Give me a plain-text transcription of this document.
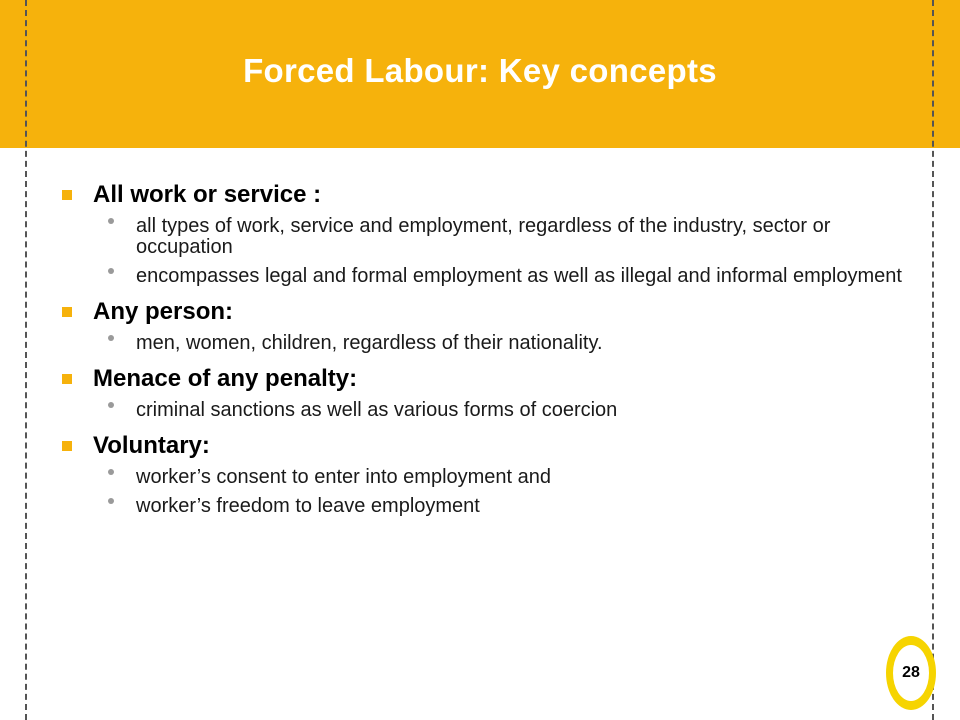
Forced Labour: Key concepts
All work or service :
all types of work, service and employment, regardless of the industry, sector or occupation
encompasses legal and formal employment as well as illegal and informal employment
Any person:
men, women, children, regardless of their nationality.
Menace of any penalty:
criminal sanctions as well as various forms of coercion
Voluntary:
worker’s consent to enter into employment and
worker’s freedom to leave employment
28
